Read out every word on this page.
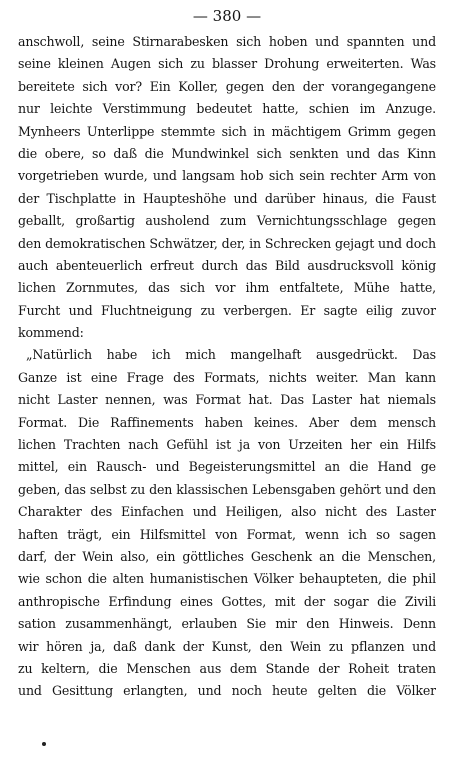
— 380 —
anschwoll, seine Stirnarabesken sich hoben und spannten und
seine kleinen Augen sich zu blasser Drohung erweiterten. Was
bereitete sich vor? Ein Koller, gegen den der vorangegangene
nur leichte Verstimmung bedeutet hatte, schien im Anzuge.
Mynheers Unterlippe stemmte sich in mächtigem Grimm gegen
die obere, so daß die Mundwinkel sich senkten und das Kinn
vorgetrieben wurde, und langsam hob sich sein rechter Arm von
der Tischplatte in Haupteshöhe und darüber hinaus, die Faust
geballt, großartig ausholend zum Vernichtungsschlage gegen
den demokratischen Schwätzer, der, in Schrecken gejagt und doch
auch abenteuerlich erfreut durch das Bild ausdrucksvoll könig
lichen Zornmutes, das sich vor ihm entfaltete, Mühe hatte,
Furcht und Fluchtneigung zu verbergen. Er sagte eilig zuvor
kommend:
„Natürlich habe ich mich mangelhaft ausgedrückt. Das
Ganze ist eine Frage des Formats, nichts weiter. Man kann
nicht Laster nennen, was Format hat. Das Laster hat niemals
Format. Die Raffinements haben keines. Aber dem mensch
lichen Trachten nach Gefühl ist ja von Urzeiten her ein Hilfs
mittel, ein Rausch- und Begeisterungsmittel an die Hand ge
geben, das selbst zu den klassischen Lebensgaben gehört und den
Charakter des Einfachen und Heiligen, also nicht des Laster
haften trägt, ein Hilfsmittel von Format, wenn ich so sagen
darf, der Wein also, ein göttliches Geschenk an die Menschen,
wie schon die alten humanistischen Völker behaupteten, die phil
anthropische Erfindung eines Gottes, mit der sogar die Zivili
sation zusammenhängt, erlauben Sie mir den Hinweis. Denn
wir hören ja, daß dank der Kunst, den Wein zu pflanzen und
zu keltern, die Menschen aus dem Stande der Roheit traten
und Gesittung erlangten, und noch heute gelten die Völker
